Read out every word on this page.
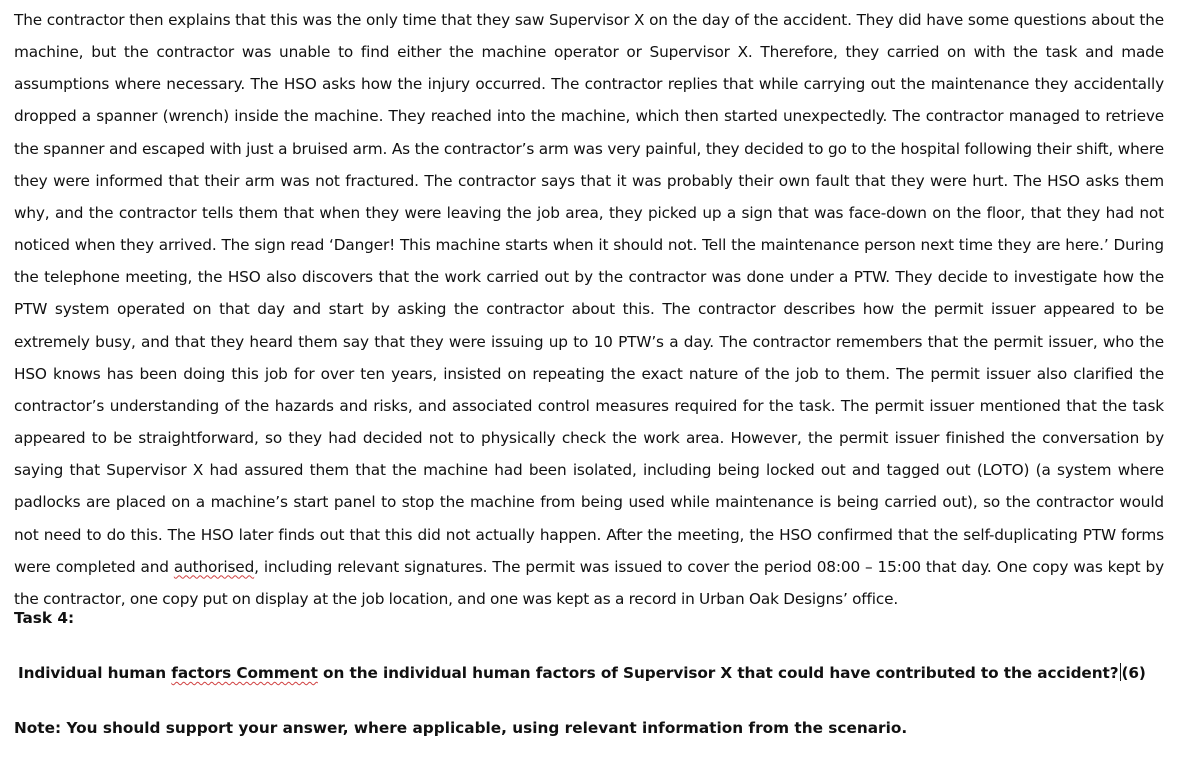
The contractor then explains that this was the only time that they saw Supervisor X on the day of the accident. They did have some questions about the machine, but the contractor was unable to find either the machine operator or Supervisor X. Therefore, they carried on with the task and made assumptions where necessary. The HSO asks how the injury occurred. The contractor replies that while carrying out the maintenance they accidentally dropped a spanner (wrench) inside the machine. They reached into the machine, which then started unexpectedly. The contractor managed to retrieve the spanner and escaped with just a bruised arm. As the contractor’s arm was very painful, they decided to go to the hospital following their shift, where they were informed that their arm was not fractured. The contractor says that it was probably their own fault that they were hurt. The HSO asks them why, and the contractor tells them that when they were leaving the job area, they picked up a sign that was face-down on the floor, that they had not noticed when they arrived. The sign read ‘Danger! This machine starts when it should not. Tell the maintenance person next time they are here.’ During the telephone meeting, the HSO also discovers that the work carried out by the contractor was done under a PTW. They decide to investigate how the PTW system operated on that day and start by asking the contractor about this. The contractor describes how the permit issuer appeared to be extremely busy, and that they heard them say that they were issuing up to 10 PTW’s a day. The contractor remembers that the permit issuer, who the HSO knows has been doing this job for over ten years, insisted on repeating the exact nature of the job to them. The permit issuer also clarified the contractor’s understanding of the hazards and risks, and associated control measures required for the task. The permit issuer mentioned that the task appeared to be straightforward, so they had decided not to physically check the work area. However, the permit issuer finished the conversation by saying that Supervisor X had assured them that the machine had been isolated, including being locked out and tagged out (LOTO) (a system where padlocks are placed on a machine’s start panel to stop the machine from being used while maintenance is being carried out), so the contractor would not need to do this. The HSO later finds out that this did not actually happen. After the meeting, the HSO confirmed that the self-duplicating PTW forms were completed and authorised, including relevant signatures. The permit was issued to cover the period 08:00 – 15:00 that day. One copy was kept by the contractor, one copy put on display at the job location, and one was kept as a record in Urban Oak Designs’ office.

Task 4:

Individual human factors Comment on the individual human factors of Supervisor X that could have contributed to the accident? (6)

Note: You should support your answer, where applicable, using relevant information from the scenario.
